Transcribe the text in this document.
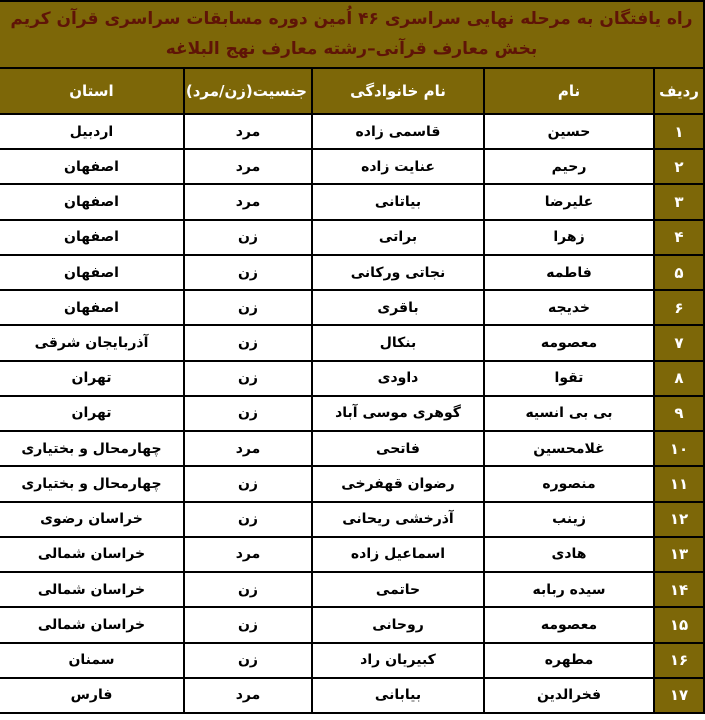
راه یافتگان به مرحله نهایی سراسری ۴۶ اُمین دوره مسابقات سراسری قرآن کریم
بخش معارف قرآنی–رشته معارف نهج البلاغه				

ردیف	نام	نام خانوادگی	جنسیت(زن/مرد)	استان
۱	حسین	قاسمی زاده	مرد	اردبیل
۲	رحیم	عنایت زاده	مرد	اصفهان
۳	علیرضا	بیاتانی	مرد	اصفهان
۴	زهرا	براتی	زن	اصفهان
۵	فاطمه	نجاتی ورکانی	زن	اصفهان
۶	خدیجه	باقری	زن	اصفهان
۷	معصومه	بنکال	زن	آذربایجان شرقی
۸	تقوا	داودی	زن	تهران
۹	بی بی انسیه	گوهری موسی آباد	زن	تهران
۱۰	غلامحسین	فاتحی	مرد	چهارمحال و بختیاری
۱۱	منصوره	رضوان قهفرخی	زن	چهارمحال و بختیاری
۱۲	زینب	آذرخشی ریحانی	زن	خراسان رضوی
۱۳	هادی	اسماعیل زاده	مرد	خراسان شمالی
۱۴	سیده ربابه	حاتمی	زن	خراسان شمالی
۱۵	معصومه	روحانی	زن	خراسان شمالی
۱۶	مطهره	کبیریان راد	زن	سمنان
۱۷	فخرالدین	بیابانی	مرد	فارس
